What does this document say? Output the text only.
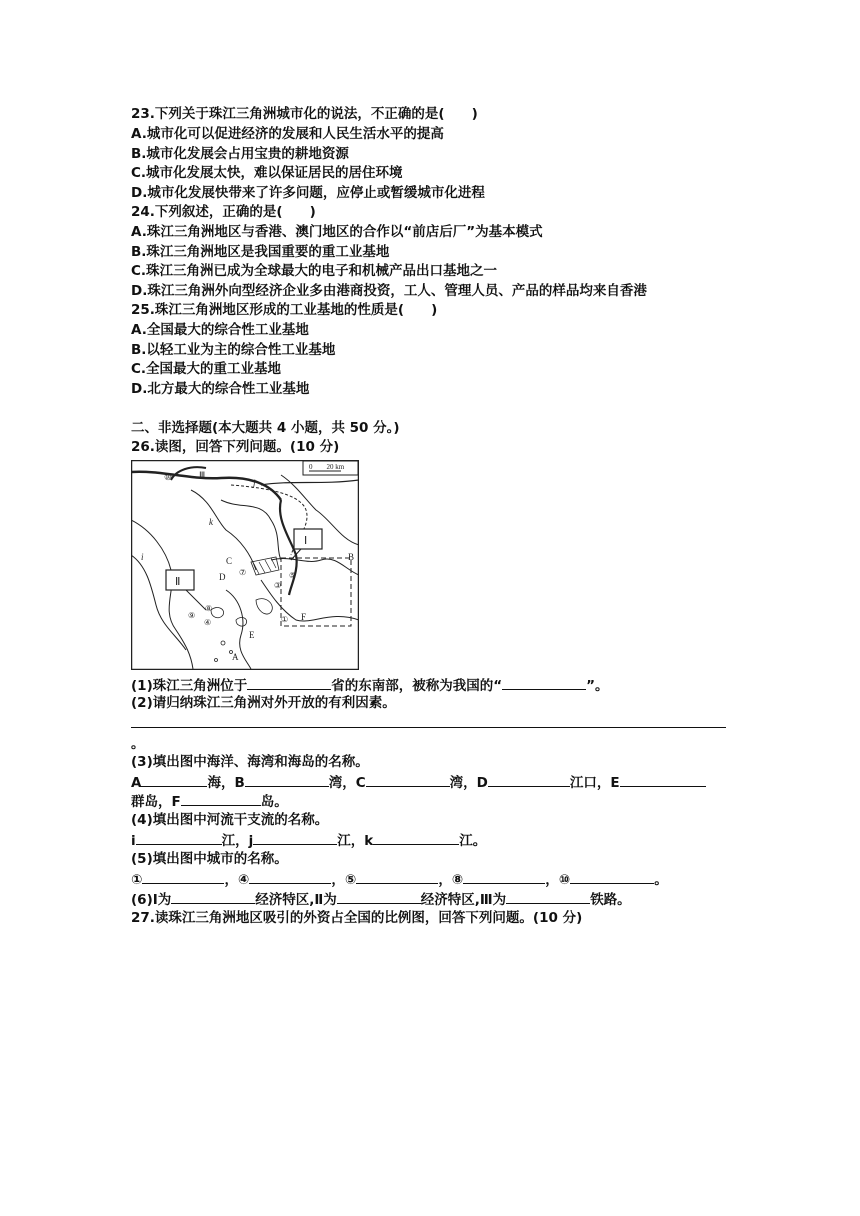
23.下列关于珠江三角洲城市化的说法，不正确的是(　　)
A.城市化可以促进经济的发展和人民生活水平的提高
B.城市化发展会占用宝贵的耕地资源
C.城市化发展太快，难以保证居民的居住环境
D.城市化发展快带来了许多问题，应停止或暂缓城市化进程
24.下列叙述，正确的是(　　)
A.珠江三角洲地区与香港、澳门地区的合作以“前店后厂”为基本模式
B.珠江三角洲地区是我国重要的重工业基地
C.珠江三角洲已成为全球最大的电子和机械产品出口基地之一
D.珠江三角洲外向型经济企业多由港商投资，工人、管理人员、产品的样品均来自香港
25.珠江三角洲地区形成的工业基地的性质是(　　)
A.全国最大的综合性工业基地
B.以轻工业为主的综合性工业基地
C.全国最大的重工业基地
D.北方最大的综合性工业基地
二、非选择题(本大题共 4 小题，共 50 分。)
26.读图，回答下列问题。(10 分)
0　　20 km
⑩	Ⅲ
j
k
Ⅰ
Ⅱ
B
C
D
E
A
F
i
①
③
④
⑤
⑦
⑧
⑨
(1)珠江三角洲位于	省的东南部，被称为我国的“	”。
(2)请归纳珠江三角洲对外开放的有利因素。
。
(3)填出图中海洋、海湾和海岛的名称。
A	海，B	湾，C	湾，D	江口，E
群岛，F	岛。
(4)填出图中河流干支流的名称。
i	江，j	江，k	江。
(5)填出图中城市的名称。
①	，④	，⑤	，⑧	，⑩	。
(6)Ⅰ为	经济特区,Ⅱ为	经济特区,Ⅲ为	铁路。
27.读珠江三角洲地区吸引的外资占全国的比例图，回答下列问题。(10 分)
